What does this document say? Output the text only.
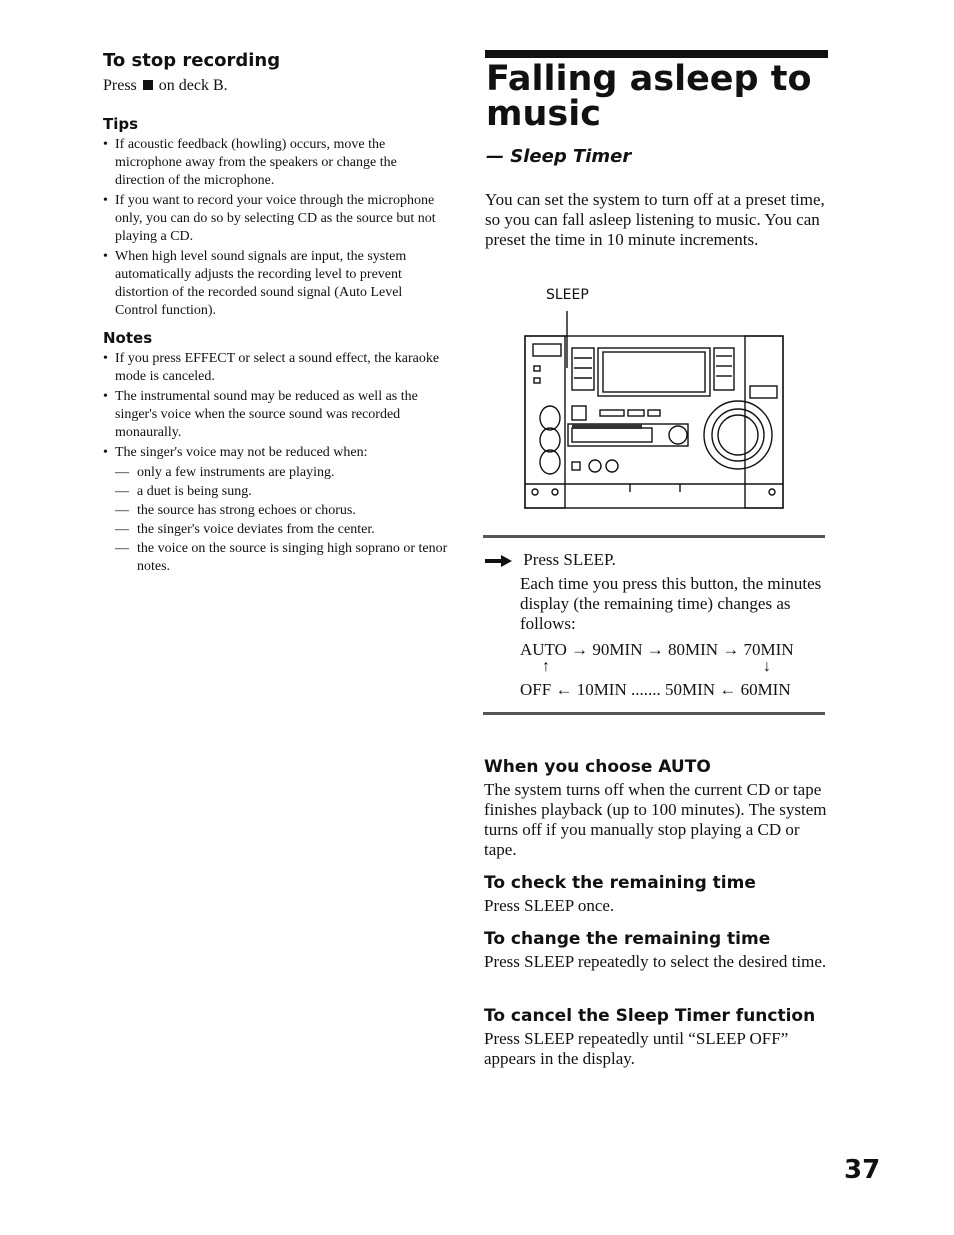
To stop recording

Press on deck B.

Tips
• If acoustic feedback (howling) occurs, move the microphone away from the speakers or change the direction of the microphone.
• If you want to record your voice through the microphone only, you can do so by selecting CD as the source but not playing a CD.
• When high level sound signals are input, the system automatically adjusts the recording level to prevent distortion of the recorded sound signal (Auto Level Control function).
Notes
• If you press EFFECT or select a sound effect, the karaoke mode is canceled.
• The instrumental sound may be reduced as well as the singer's voice when the source sound was recorded monaurally.
• The singer's voice may not be reduced when:
— only a few instruments are playing.
— a duet is being sung.
— the source has strong echoes or chorus.
— the singer's voice deviates from the center.
— the voice on the source is singing high soprano or tenor notes.
Falling asleep to music

— Sleep Timer

You can set the system to turn off at a preset time, so you can fall asleep listening to music. You can preset the time in 10 minute increments.

SLEEP
Press SLEEP.

Each time you press this button, the minutes display (the remaining time) changes as follows:

AUTO → 90MIN → 80MIN → 70MIN
↑	↓
OFF ← 10MIN ....... 50MIN ← 60MIN
When you choose AUTO

The system turns off when the current CD or tape finishes playback (up to 100 minutes). The system turns off if you manually stop playing a CD or tape.

To check the remaining time

Press SLEEP once.

To change the remaining time

Press SLEEP repeatedly to select the desired time.

To cancel the Sleep Timer function

Press SLEEP repeatedly until “SLEEP OFF” appears in the display.

37
